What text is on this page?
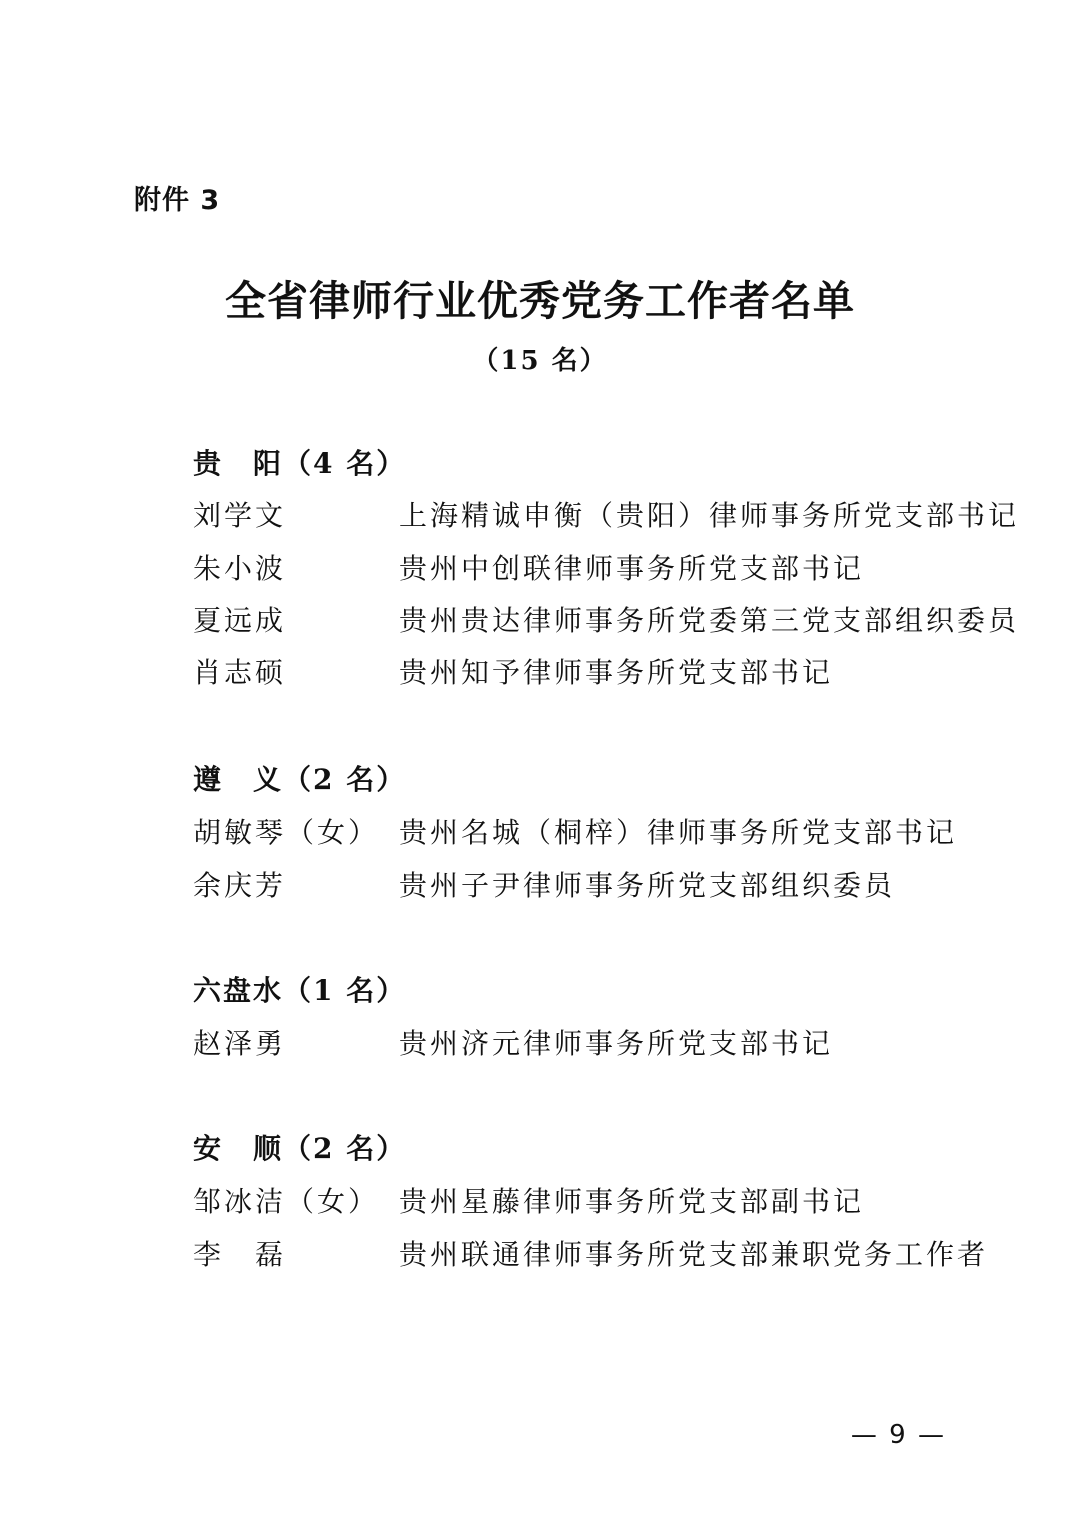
附件 3
全省律师行业优秀党务工作者名单
（15 名）
贵　阳（4 名）
刘学文	上海精诚申衡（贵阳）律师事务所党支部书记
朱小波	贵州中创联律师事务所党支部书记
夏远成	贵州贵达律师事务所党委第三党支部组织委员
肖志硕	贵州知予律师事务所党支部书记
遵　义（2 名）
胡敏琴（女） 贵州名城（桐梓）律师事务所党支部书记
余庆芳	贵州子尹律师事务所党支部组织委员
六盘水（1 名）
赵泽勇	贵州济元律师事务所党支部书记
安　顺（2 名）
邹冰洁（女） 贵州星藤律师事务所党支部副书记
李　磊	贵州联通律师事务所党支部兼职党务工作者
— 9 —
